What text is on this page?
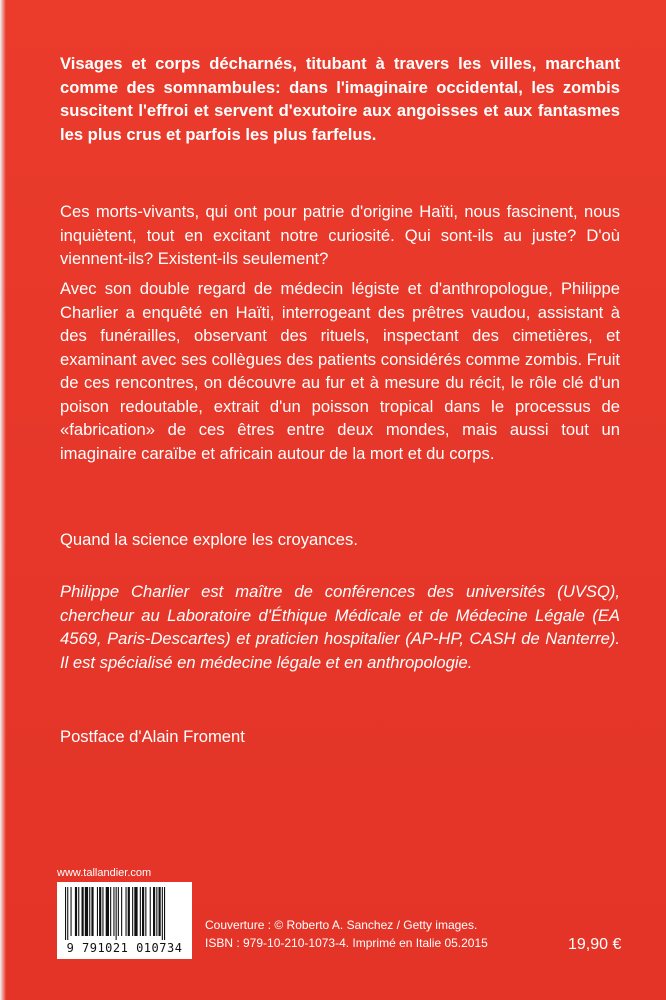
Visages et corps décharnés, titubant à travers les villes, marchant comme des somnambules: dans l'imaginaire occidental, les zombis suscitent l'effroi et servent d'exutoire aux angoisses et aux fantasmes les plus crus et parfois les plus farfelus.

Ces morts-vivants, qui ont pour patrie d'origine Haïti, nous fascinent, nous inquiètent, tout en excitant notre curiosité. Qui sont-ils au juste? D'où viennent-ils? Existent-ils seulement?

Avec son double regard de médecin légiste et d'anthropologue, Philippe Charlier a enquêté en Haïti, interrogeant des prêtres vaudou, assistant à des funérailles, observant des rituels, inspectant des cimetières, et examinant avec ses collègues des patients considérés comme zombis. Fruit de ces rencontres, on découvre au fur et à mesure du récit, le rôle clé d'un poison redoutable, extrait d'un poisson tropical dans le processus de «fabrication» de ces êtres entre deux mondes, mais aussi tout un imaginaire caraïbe et africain autour de la mort et du corps.

Quand la science explore les croyances.

Philippe Charlier est maître de conférences des universités (UVSQ), chercheur au Laboratoire d'Éthique Médicale et de Médecine Légale (EA 4569, Paris-Descartes) et praticien hospitalier (AP-HP, CASH de Nanterre). Il est spécialisé en médecine légale et en anthropologie.

Postface d'Alain Froment

www.tallandier.com
9 791021 010734
Couverture : © Roberto A. Sanchez / Getty images.
ISBN : 979-10-210-1073-4. Imprimé en Italie 05.2015	19,90 €
